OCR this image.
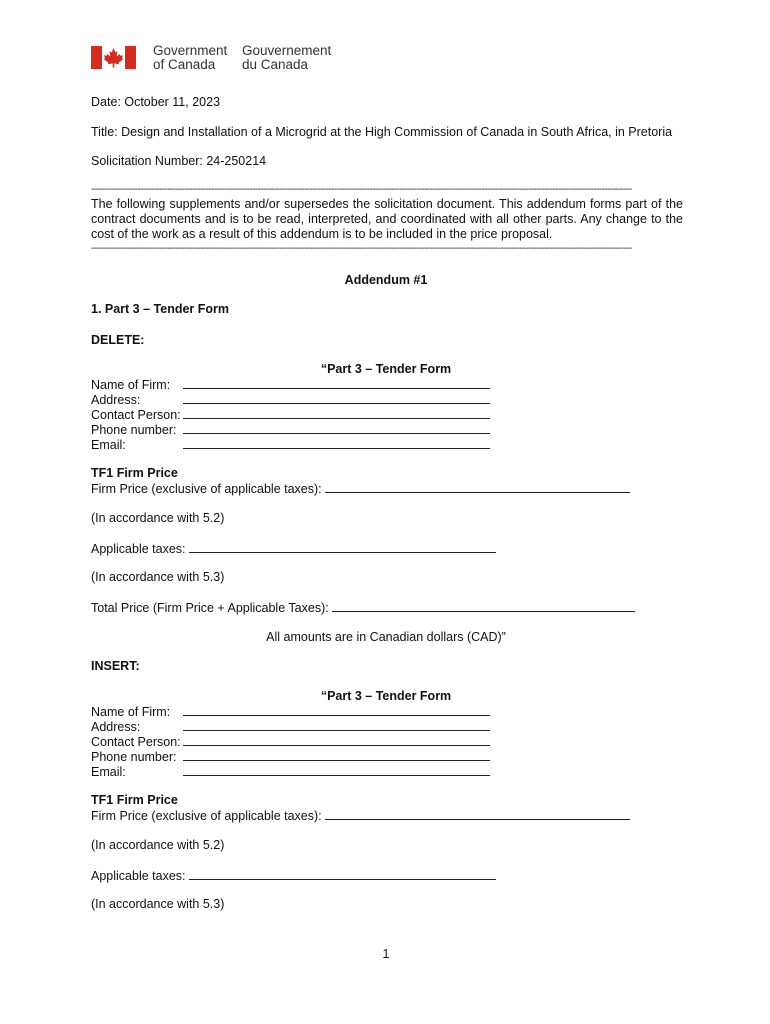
Government
of Canada
Gouvernement
du Canada
Date: October 11, 2023
Title: Design and Installation of a Microgrid at the High Commission of Canada in South Africa, in Pretoria
Solicitation Number: 24-250214
------------------------------------------------------------------------------------------------------------------------------------------------------------------------------------------------------
The following supplements and/or supersedes the solicitation document. This addendum forms part of the contract documents and is to be read, interpreted, and coordinated with all other parts. Any change to the cost of the work as a result of this addendum is to be included in the price proposal.
------------------------------------------------------------------------------------------------------------------------------------------------------------------------------------------------------
Addendum #1
1. Part 3 – Tender Form
DELETE:
“Part 3 – Tender Form
Name of Firm:
Address:
Contact Person:
Phone number:
Email:
TF1 Firm Price
Firm Price (exclusive of applicable taxes):
(In accordance with 5.2)
Applicable taxes:
(In accordance with 5.3)
Total Price (Firm Price + Applicable Taxes):
All amounts are in Canadian dollars (CAD)”
INSERT:
“Part 3 – Tender Form
Name of Firm:
Address:
Contact Person:
Phone number:
Email:
TF1 Firm Price
Firm Price (exclusive of applicable taxes):
(In accordance with 5.2)
Applicable taxes:
(In accordance with 5.3)
1
